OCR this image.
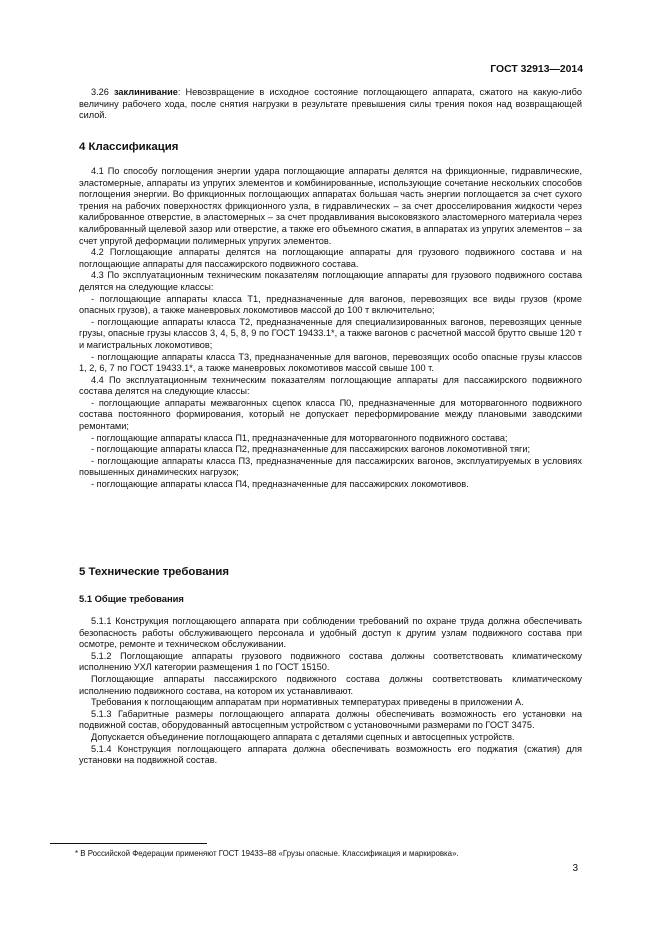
ГОСТ 32913—2014

3.26 заклинивание: Невозвращение в исходное состояние поглощающего аппарата, сжатого на какую-либо величину рабочего хода, после снятия нагрузки в результате превышения силы трения покоя над возвращающей силой.

4 Классификация

4.1 По способу поглощения энергии удара поглощающие аппараты делятся на фрикционные, гидравлические, эластомерные, аппараты из упругих элементов и комбинированные, использующие сочетание нескольких способов поглощения энергии. Во фрикционных поглощающих аппаратах большая часть энергии поглощается за счет сухого трения на рабочих поверхностях фрикционного узла, в гидравлических – за счет дросселирования жидкости через калиброванное отверстие, в эластомерных – за счет продавливания высоковязкого эластомерного материала через калиброванный щелевой зазор или отверстие, а также его объемного сжатия, в аппаратах из упругих элементов – за счет упругой деформации полимерных упругих элементов.

4.2 Поглощающие аппараты делятся на поглощающие аппараты для грузового подвижного состава и на поглощающие аппараты для пассажирского подвижного состава.

4.3 По эксплуатационным техническим показателям поглощающие аппараты для грузового подвижного состава делятся на следующие классы:

- поглощающие аппараты класса Т1, предназначенные для вагонов, перевозящих все виды грузов (кроме опасных грузов), а также маневровых локомотивов массой до 100 т включительно;

- поглощающие аппараты класса Т2, предназначенные для специализированных вагонов, перевозящих ценные грузы, опасные грузы классов 3, 4, 5, 8, 9 по ГОСТ 19433.1*, а также вагонов с расчетной массой брутто свыше 120 т и магистральных локомотивов;

- поглощающие аппараты класса Т3, предназначенные для вагонов, перевозящих особо опасные грузы классов 1, 2, 6, 7 по ГОСТ 19433.1*, а также маневровых локомотивов массой свыше 100 т.

4.4 По эксплуатационным техническим показателям поглощающие аппараты для пассажирского подвижного состава делятся на следующие классы:

- поглощающие аппараты межвагонных сцепок класса П0, предназначенные для моторвагонного подвижного состава постоянного формирования, который не допускает переформирование между плановыми заводскими ремонтами;

- поглощающие аппараты класса П1, предназначенные для моторвагонного подвижного состава;

- поглощающие аппараты класса П2, предназначенные для пассажирских вагонов локомотивной тяги;

- поглощающие аппараты класса П3, предназначенные для пассажирских вагонов, эксплуатируемых в условиях повышенных динамических нагрузок;

- поглощающие аппараты класса П4, предназначенные для пассажирских локомотивов.

5 Технические требования
5.1 Общие требования

5.1.1 Конструкция поглощающего аппарата при соблюдении требований по охране труда должна обеспечивать безопасность работы обслуживающего персонала и удобный доступ к другим узлам подвижного состава при осмотре, ремонте и техническом обслуживании.

5.1.2 Поглощающие аппараты грузового подвижного состава должны соответствовать климатическому исполнению УХЛ категории размещения 1 по ГОСТ 15150.

Поглощающие аппараты пассажирского подвижного состава должны соответствовать климатическому исполнению подвижного состава, на котором их устанавливают.

Требования к поглощающим аппаратам при нормативных температурах приведены в приложении А.

5.1.3 Габаритные размеры поглощающего аппарата должны обеспечивать возможность его установки на подвижной состав, оборудованный автосцепным устройством с установочными размерами по ГОСТ 3475.

Допускается объединение поглощающего аппарата с деталями сцепных и автосцепных устройств.

5.1.4 Конструкция поглощающего аппарата должна обеспечивать возможность его поджатия (сжатия) для установки на подвижной состав.

* В Российской Федерации применяют ГОСТ 19433–88 «Грузы опасные. Классификация и маркировка».
3
